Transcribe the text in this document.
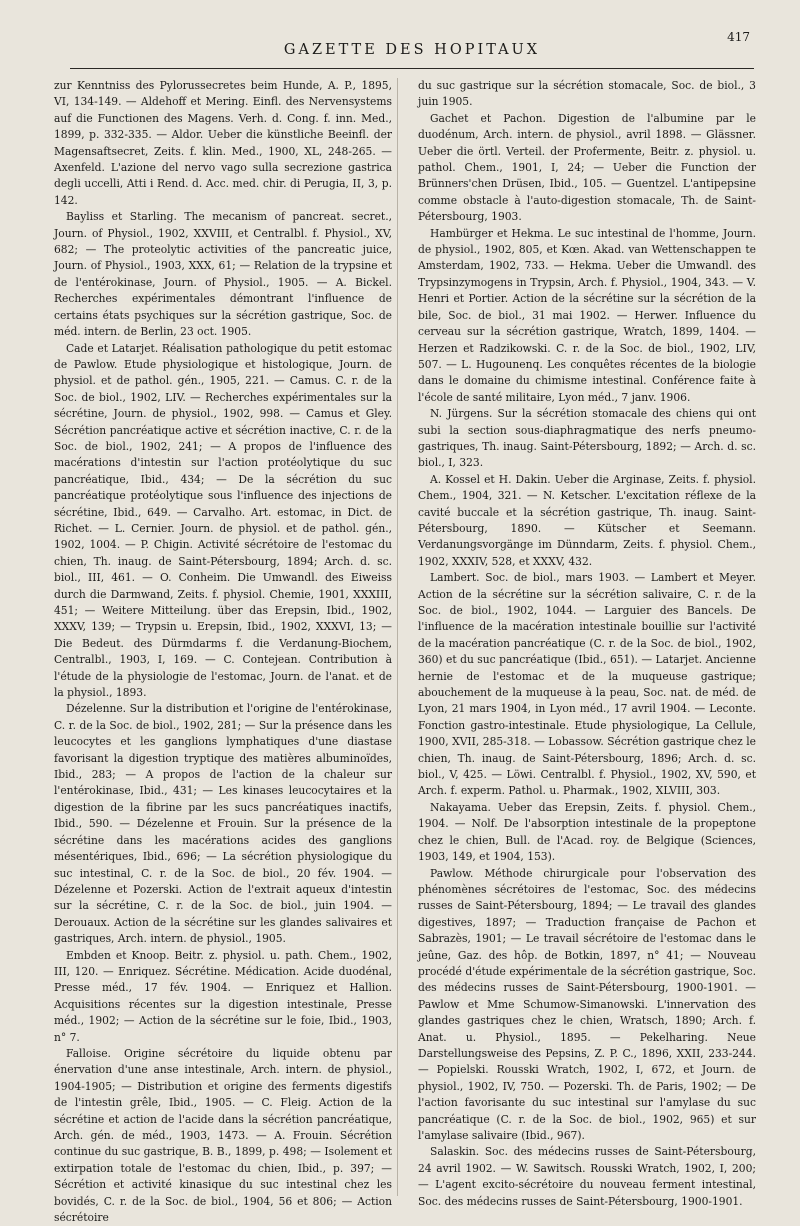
GAZETTE DES HOPITAUX
417

zur Kenntniss des Pylorussecretes beim Hunde, A. P., 1895, VI, 134-149. — Aldehoff et Mering. Einfl. des Nervensystems auf die Functionen des Magens. Verh. d. Cong. f. inn. Med., 1899, p. 332-335. — Aldor. Ueber die künstliche Beeinfl. der Magensaftsecret, Zeits. f. klin. Med., 1900, XL, 248-265. — Axenfeld. L'azione del nervo vago sulla secrezione gastrica degli uccelli, Atti i Rend. d. Acc. med. chir. di Perugia, II, 3, p. 142.

Bayliss et Starling. The mecanism of pancreat. secret., Journ. of Physiol., 1902, XXVIII, et Centralbl. f. Physiol., XV, 682; — The proteolytic activities of the pancreatic juice, Journ. of Physiol., 1903, XXX, 61; — Relation de la trypsine et de l'entérokinase, Journ. of Physiol., 1905. — A. Bickel. Recherches expérimentales démontrant l'influence de certains états psychiques sur la sécrétion gastrique, Soc. de méd. intern. de Berlin, 23 oct. 1905.

Cade et Latarjet. Réalisation pathologique du petit estomac de Pawlow. Etude physiologique et histologique, Journ. de physiol. et de pathol. gén., 1905, 221. — Camus. C. r. de la Soc. de biol., 1902, LIV. — Recherches expérimentales sur la sécrétine, Journ. de physiol., 1902, 998. — Camus et Gley. Sécrétion pancréatique active et sécrétion inactive, C. r. de la Soc. de biol., 1902, 241; — A propos de l'influence des macérations d'intestin sur l'action protéolytique du suc pancréatique, Ibid., 434; — De la sécrétion du suc pancréatique protéolytique sous l'influence des injections de sécrétine, Ibid., 649. — Carvalho. Art. estomac, in Dict. de Richet. — L. Cernier. Journ. de physiol. et de pathol. gén., 1902, 1004. — P. Chigin. Activité sécrétoire de l'estomac du chien, Th. inaug. de Saint-Pétersbourg, 1894; Arch. d. sc. biol., III, 461. — O. Conheim. Die Umwandl. des Eiweiss durch die Darmwand, Zeits. f. physiol. Chemie, 1901, XXXIII, 451; — Weitere Mitteilung. über das Erepsin, Ibid., 1902, XXXV, 139; — Trypsin u. Erepsin, Ibid., 1902, XXXVI, 13; — Die Bedeut. des Dürmdarms f. die Verdanung-Biochem, Centralbl., 1903, I, 169. — C. Contejean. Contribution à l'étude de la physiologie de l'estomac, Journ. de l'anat. et de la physiol., 1893.

Dézelenne. Sur la distribution et l'origine de l'entérokinase, C. r. de la Soc. de biol., 1902, 281; — Sur la présence dans les leucocytes et les ganglions lymphatiques d'une diastase favorisant la digestion tryptique des matières albuminoïdes, Ibid., 283; — A propos de l'action de la chaleur sur l'entérokinase, Ibid., 431; — Les kinases leucocytaires et la digestion de la fibrine par les sucs pancréatiques inactifs, Ibid., 590. — Dézelenne et Frouin. Sur la présence de la sécrétine dans les macérations acides des ganglions mésentériques, Ibid., 696; — La sécrétion physiologique du suc intestinal, C. r. de la Soc. de biol., 20 fév. 1904. — Dézelenne et Pozerski. Action de l'extrait aqueux d'intestin sur la sécrétine, C. r. de la Soc. de biol., juin 1904. — Derouaux. Action de la sécrétine sur les glandes salivaires et gastriques, Arch. intern. de physiol., 1905.

Embden et Knoop. Beitr. z. physiol. u. path. Chem., 1902, III, 120. — Enriquez. Sécrétine. Médication. Acide duodénal, Presse méd., 17 fév. 1904. — Enriquez et Hallion. Acquisitions récentes sur la digestion intestinale, Presse méd., 1902; — Action de la sécrétine sur le foie, Ibid., 1903, n° 7.

Falloise. Origine sécrétoire du liquide obtenu par énervation d'une anse intestinale, Arch. intern. de physiol., 1904-1905; — Distribution et origine des ferments digestifs de l'intestin grêle, Ibid., 1905. — C. Fleig. Action de la sécrétine et action de l'acide dans la sécrétion pancréatique, Arch. gén. de méd., 1903, 1473. — A. Frouin. Sécrétion continue du suc gastrique, B. B., 1899, p. 498; — Isolement et extirpation totale de l'estomac du chien, Ibid., p. 397; — Sécrétion et activité kinasique du suc intestinal chez les bovidés, C. r. de la Soc. de biol., 1904, 56 et 806; — Action sécrétoire

du suc gastrique sur la sécrétion stomacale, Soc. de biol., 3 juin 1905.

Gachet et Pachon. Digestion de l'albumine par le duodénum, Arch. intern. de physiol., avril 1898. — Glässner. Ueber die örtl. Verteil. der Profermente, Beitr. z. physiol. u. pathol. Chem., 1901, I, 24; — Ueber die Function der Brünners'chen Drüsen, Ibid., 105. — Guentzel. L'antipepsine comme obstacle à l'auto-digestion stomacale, Th. de Saint-Pétersbourg, 1903.

Hambürger et Hekma. Le suc intestinal de l'homme, Journ. de physiol., 1902, 805, et Kœn. Akad. van Wettenschappen te Amsterdam, 1902, 733. — Hekma. Ueber die Umwandl. des Trypsinzymogens in Trypsin, Arch. f. Physiol., 1904, 343. — V. Henri et Portier. Action de la sécrétine sur la sécrétion de la bile, Soc. de biol., 31 mai 1902. — Herwer. Influence du cerveau sur la sécrétion gastrique, Wratch, 1899, 1404. — Herzen et Radzikowski. C. r. de la Soc. de biol., 1902, LIV, 507. — L. Hugounenq. Les conquêtes récentes de la biologie dans le domaine du chimisme intestinal. Conférence faite à l'école de santé militaire, Lyon méd., 7 janv. 1906.

N. Jürgens. Sur la sécrétion stomacale des chiens qui ont subi la section sous-diaphragmatique des nerfs pneumo-gastriques, Th. inaug. Saint-Pétersbourg, 1892; — Arch. d. sc. biol., I, 323.

A. Kossel et H. Dakin. Ueber die Arginase, Zeits. f. physiol. Chem., 1904, 321. — N. Ketscher. L'excitation réflexe de la cavité buccale et la sécrétion gastrique, Th. inaug. Saint-Pétersbourg, 1890. — Kütscher et Seemann. Verdanungsvorgänge im Dünndarm, Zeits. f. physiol. Chem., 1902, XXXIV, 528, et XXXV, 432.

Lambert. Soc. de biol., mars 1903. — Lambert et Meyer. Action de la sécrétine sur la sécrétion salivaire, C. r. de la Soc. de biol., 1902, 1044. — Larguier des Bancels. De l'influence de la macération intestinale bouillie sur l'activité de la macération pancréatique (C. r. de la Soc. de biol., 1902, 360) et du suc pancréatique (Ibid., 651). — Latarjet. Ancienne hernie de l'estomac et de la muqueuse gastrique; abouchement de la muqueuse à la peau, Soc. nat. de méd. de Lyon, 21 mars 1904, in Lyon méd., 17 avril 1904. — Leconte. Fonction gastro-intestinale. Etude physiologique, La Cellule, 1900, XVII, 285-318. — Lobassow. Sécrétion gastrique chez le chien, Th. inaug. de Saint-Pétersbourg, 1896; Arch. d. sc. biol., V, 425. — Löwi. Centralbl. f. Physiol., 1902, XV, 590, et Arch. f. experm. Pathol. u. Pharmak., 1902, XLVIII, 303.

Nakayama. Ueber das Erepsin, Zeits. f. physiol. Chem., 1904. — Nolf. De l'absorption intestinale de la propeptone chez le chien, Bull. de l'Acad. roy. de Belgique (Sciences, 1903, 149, et 1904, 153).

Pawlow. Méthode chirurgicale pour l'observation des phénomènes sécrétoires de l'estomac, Soc. des médecins russes de Saint-Pétersbourg, 1894; — Le travail des glandes digestives, 1897; — Traduction française de Pachon et Sabrazès, 1901; — Le travail sécrétoire de l'estomac dans le jeûne, Gaz. des hôp. de Botkin, 1897, n° 41; — Nouveau procédé d'étude expérimentale de la sécrétion gastrique, Soc. des médecins russes de Saint-Pétersbourg, 1900-1901. — Pawlow et Mme Schumow-Simanowski. L'innervation des glandes gastriques chez le chien, Wratsch, 1890; Arch. f. Anat. u. Physiol., 1895. — Pekelharing. Neue Darstellungsweise des Pepsins, Z. P. C., 1896, XXII, 233-244. — Popielski. Rousski Wratch, 1902, I, 672, et Journ. de physiol., 1902, IV, 750. — Pozerski. Th. de Paris, 1902; — De l'action favorisante du suc intestinal sur l'amylase du suc pancréatique (C. r. de la Soc. de biol., 1902, 965) et sur l'amylase salivaire (Ibid., 967).

Salaskin. Soc. des médecins russes de Saint-Pétersbourg, 24 avril 1902. — W. Sawitsch. Rousski Wratch, 1902, I, 200; — L'agent excito-sécrétoire du nouveau ferment intestinal, Soc. des médecins russes de Saint-Pétersbourg, 1900-1901.
